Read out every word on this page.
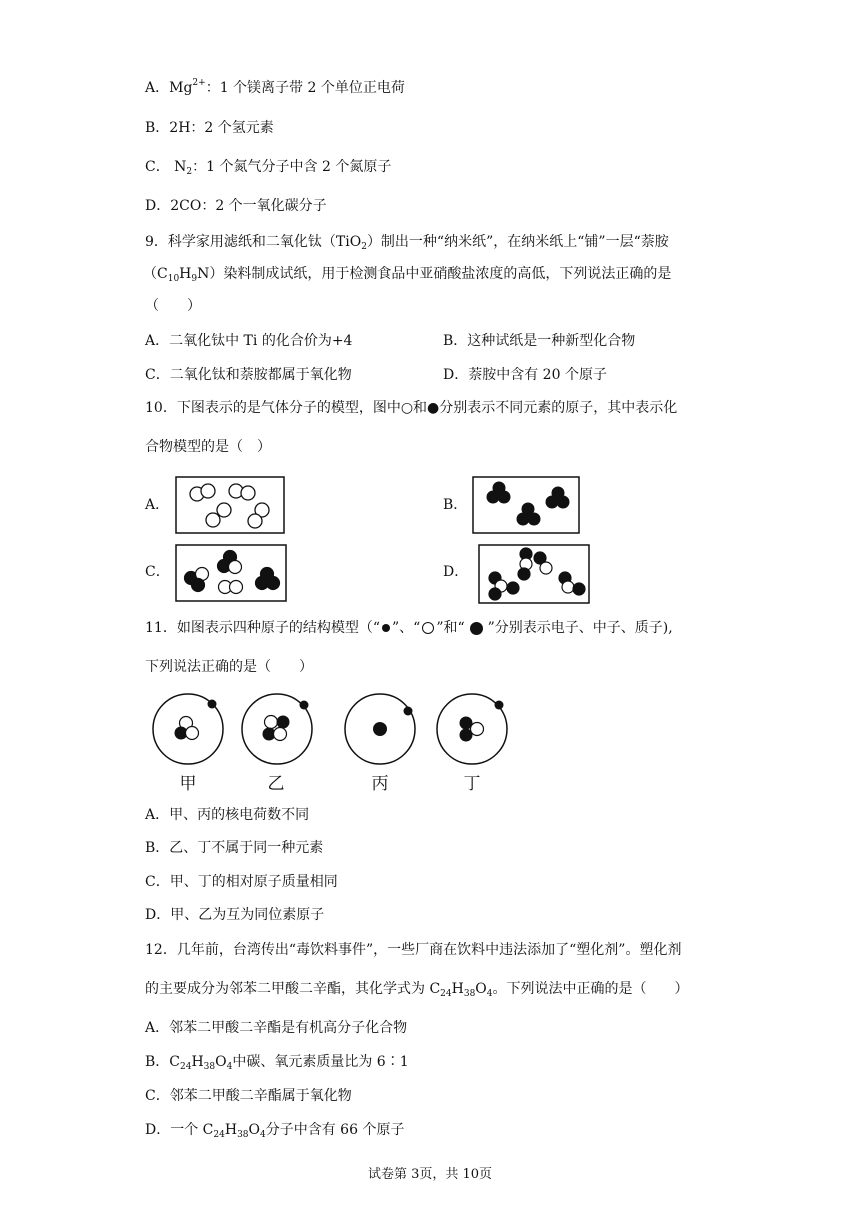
A．$Mg^{2+}$：1 个镁离子带 2 个单位正电荷
B．2H：2 个氢元素
C． $N_2$：1 个氮气分子中含 2 个氮原子
D．2CO：2 个一氧化碳分子
9．科学家用滤纸和二氧化钛（TiO$_2$）制出一种“纳米纸”，在纳米纸上“铺”一层“萘胺
$(C_{10}H_9N)$染料制成试纸，用于检测食品中亚硝酸盐浓度的高低，下列说法正确的是
（　　）
A．二氧化钛中 Ti 的化合价为+4	B．这种试纸是一种新型化合物
C．二氧化钛和萘胺都属于氧化物	D．萘胺中含有 20 个原子
10．下图表示的是气体分子的模型，图中○和●分别表示不同元素的原子，其中表示化
合物模型的是（　）
A．	B．
C．	D．
11．如图表示四种原子的结构模型（“ ”、“ ”和“ ”分别表示电子、中子、质子),
下列说法正确的是（　　）
甲	乙	丙	丁
A．甲、丙的核电荷数不同
B．乙、丁不属于同一种元素
C．甲、丁的相对原子质量相同
D．甲、乙为互为同位素原子
12．几年前，台湾传出“毒饮料事件”，一些厂商在饮料中违法添加了“塑化剂”。塑化剂
的主要成分为邻苯二甲酸二辛酯，其化学式为 $C_{24}H_{38}O_4$。下列说法中正确的是（　　）
A．邻苯二甲酸二辛酯是有机高分子化合物
B．$C_{24}H_{38}O_4$中碳、氧元素质量比为 6∶1
C．邻苯二甲酸二辛酯属于氧化物
D．一个 $C_{24}H_{38}O_4$分子中含有 66 个原子
试卷第 3页，共 10页
